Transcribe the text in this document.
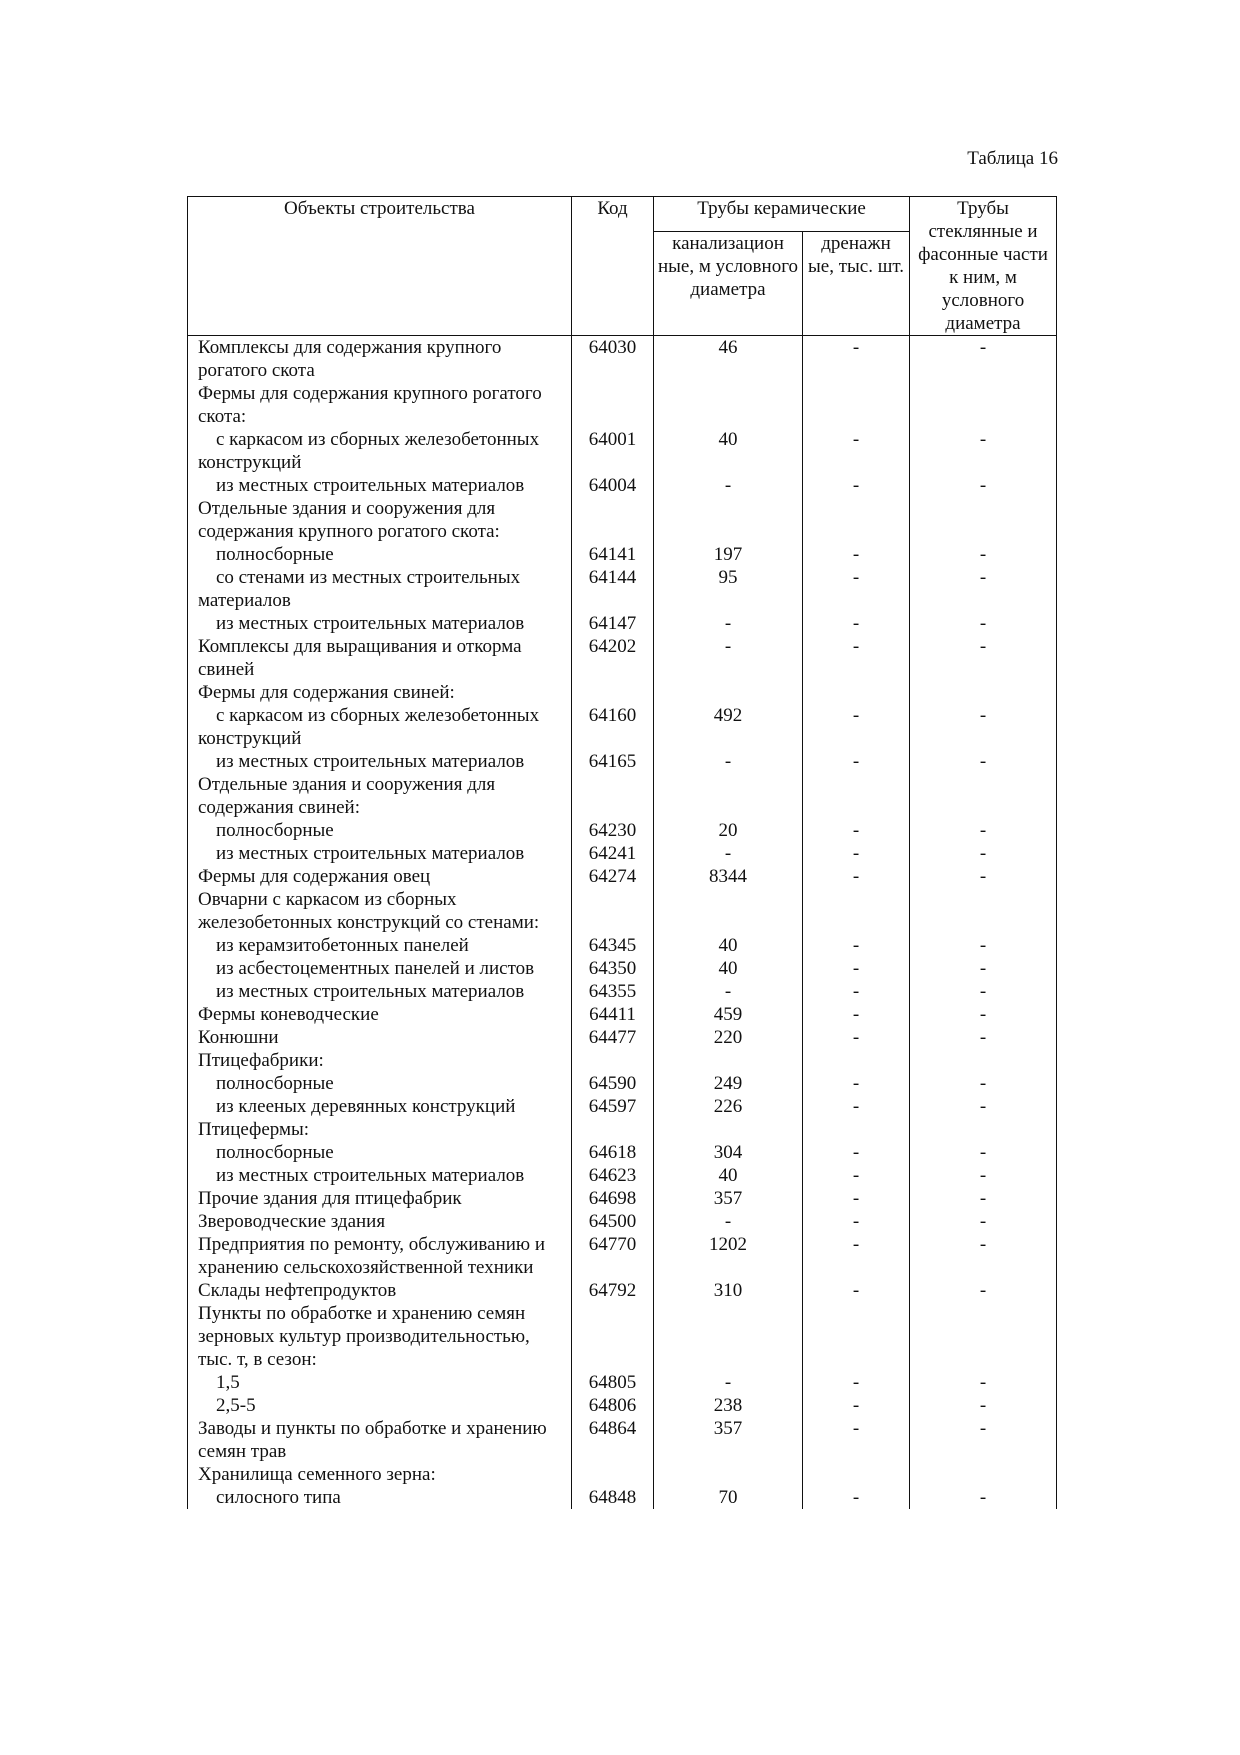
Таблица 16
Объекты строительства	Код	Трубы керамические		Трубы стеклянные и фасонные части к ним, м условного диаметра
		канализацион ные, м условного диаметра	дренажн ые, тыс. шт.	
Комплексы для содержания крупного рогатого скота	64030	46	-	-
Фермы для содержания крупного рогатого скота:				
с каркасом из сборных железобетонных конструкций	64001	40	-	-
из местных строительных материалов	64004	-	-	-
Отдельные здания и сооружения для содержания крупного рогатого скота:				
полносборные	64141	197	-	-
со стенами из местных строительных материалов	64144	95	-	-
из местных строительных материалов	64147	-	-	-
Комплексы для выращивания и откорма свиней	64202	-	-	-
Фермы для содержания свиней:				
с каркасом из сборных железобетонных конструкций	64160	492	-	-
из местных строительных материалов	64165	-	-	-
Отдельные здания и сооружения для содержания свиней:				
полносборные	64230	20	-	-
из местных строительных материалов	64241	-	-	-
Фермы для содержания овец	64274	8344	-	-
Овчарни с каркасом из сборных железобетонных конструкций со стенами:				
из керамзитобетонных панелей	64345	40	-	-
из асбестоцементных панелей и листов	64350	40	-	-
из местных строительных материалов	64355	-	-	-
Фермы коневодческие	64411	459	-	-
Конюшни	64477	220	-	-
Птицефабрики:				
полносборные	64590	249	-	-
из клееных деревянных конструкций	64597	226	-	-
Птицефермы:				
полносборные	64618	304	-	-
из местных строительных материалов	64623	40	-	-
Прочие здания для птицефабрик	64698	357	-	-
Звероводческие здания	64500	-	-	-
Предприятия по ремонту, обслуживанию и хранению сельскохозяйственной техники	64770	1202	-	-
Склады нефтепродуктов	64792	310	-	-
Пункты по обработке и хранению семян зерновых культур производительностью, тыс. т, в сезон:				
1,5	64805	-	-	-
2,5-5	64806	238	-	-
Заводы и пункты по обработке и хранению семян трав	64864	357	-	-
Хранилища семенного зерна:				
силосного типа	64848	70	-	-
